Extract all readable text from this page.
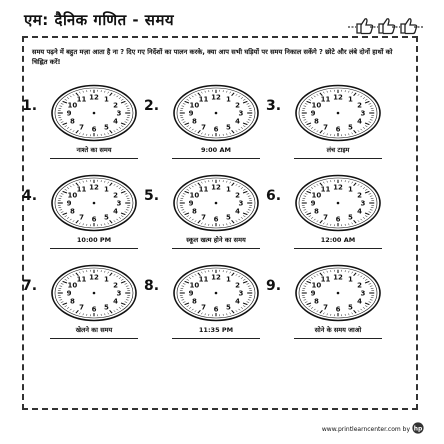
एम: दैनिक गणित - समय
समय पढ़ने में बहुत मज़ा आता है ना ? दिए गए निर्देशों का पालन करके, क्या आप सभी घड़ियों पर समय निकाल सकेंगे ? छोटे और लंबे दोनों हाथों को चिह्नित करें!
1.
12 1
2
3
4
5
6
7
8
9
10
11
नाश्ते का समय
2.
12 1
2
3
4
5
6
7
8
9
10
11
9:00 AM
3.
12 1
2
3
4
5
6
7
8
9
10
11
लंच टाइम
4.
12 1
2
3
4
5
6
7
8
9
10
11
10:00 PM
5.
12 1
2
3
4
5
6
7
8
9
10
11
स्कूल खत्म होने का समय
6.
12 1
2
3
4
5
6
7
8
9
10
11
12:00 AM
7.
12 1
2
3
4
5
6
7
8
9
10
11
खेलने का समय
8.
12 1
2
3
4
5
6
7
8
9
10
11
11:35 PM
9.
12 1
2
3
4
5
6
7
8
9
10
11
सोने के समय जाओ
www.printlearncenter.com by hp
